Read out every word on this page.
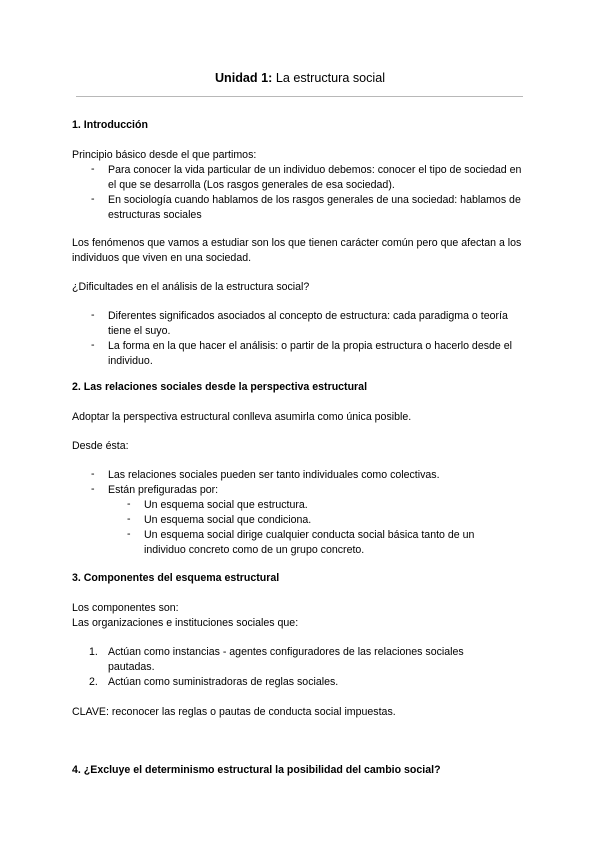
Unidad 1: La estructura social
1. Introducción
Principio básico desde el que partimos:
- Para conocer la vida particular de un individuo debemos: conocer el tipo de sociedad en el que se desarrolla (Los rasgos generales de esa sociedad).
- En sociología cuando hablamos de los rasgos generales de una sociedad: hablamos de estructuras sociales
Los fenómenos que vamos a estudiar son los que tienen carácter común pero que afectan a los individuos que viven en una sociedad.
¿Dificultades en el análisis de la estructura social?
- Diferentes significados asociados al concepto de estructura: cada paradigma o teoría tiene el suyo.
- La forma en la que hacer el análisis: o partir de la propia estructura o hacerlo desde el individuo.
2. Las relaciones sociales desde la perspectiva estructural
Adoptar la perspectiva estructural conlleva asumirla como única posible.
Desde ésta:
- Las relaciones sociales pueden ser tanto individuales como colectivas.
- Están prefiguradas por:
- Un esquema social que estructura.
- Un esquema social que condiciona.
- Un esquema social dirige cualquier conducta social básica tanto de un individuo concreto como de un grupo concreto.
3. Componentes del esquema estructural
Los componentes son:
Las organizaciones e instituciones sociales que:
1. Actúan como instancias - agentes configuradores de las relaciones sociales pautadas.
2. Actúan como suministradoras de reglas sociales.
CLAVE: reconocer las reglas o pautas de conducta social impuestas.
4. ¿Excluye el determinismo estructural la posibilidad del cambio social?
